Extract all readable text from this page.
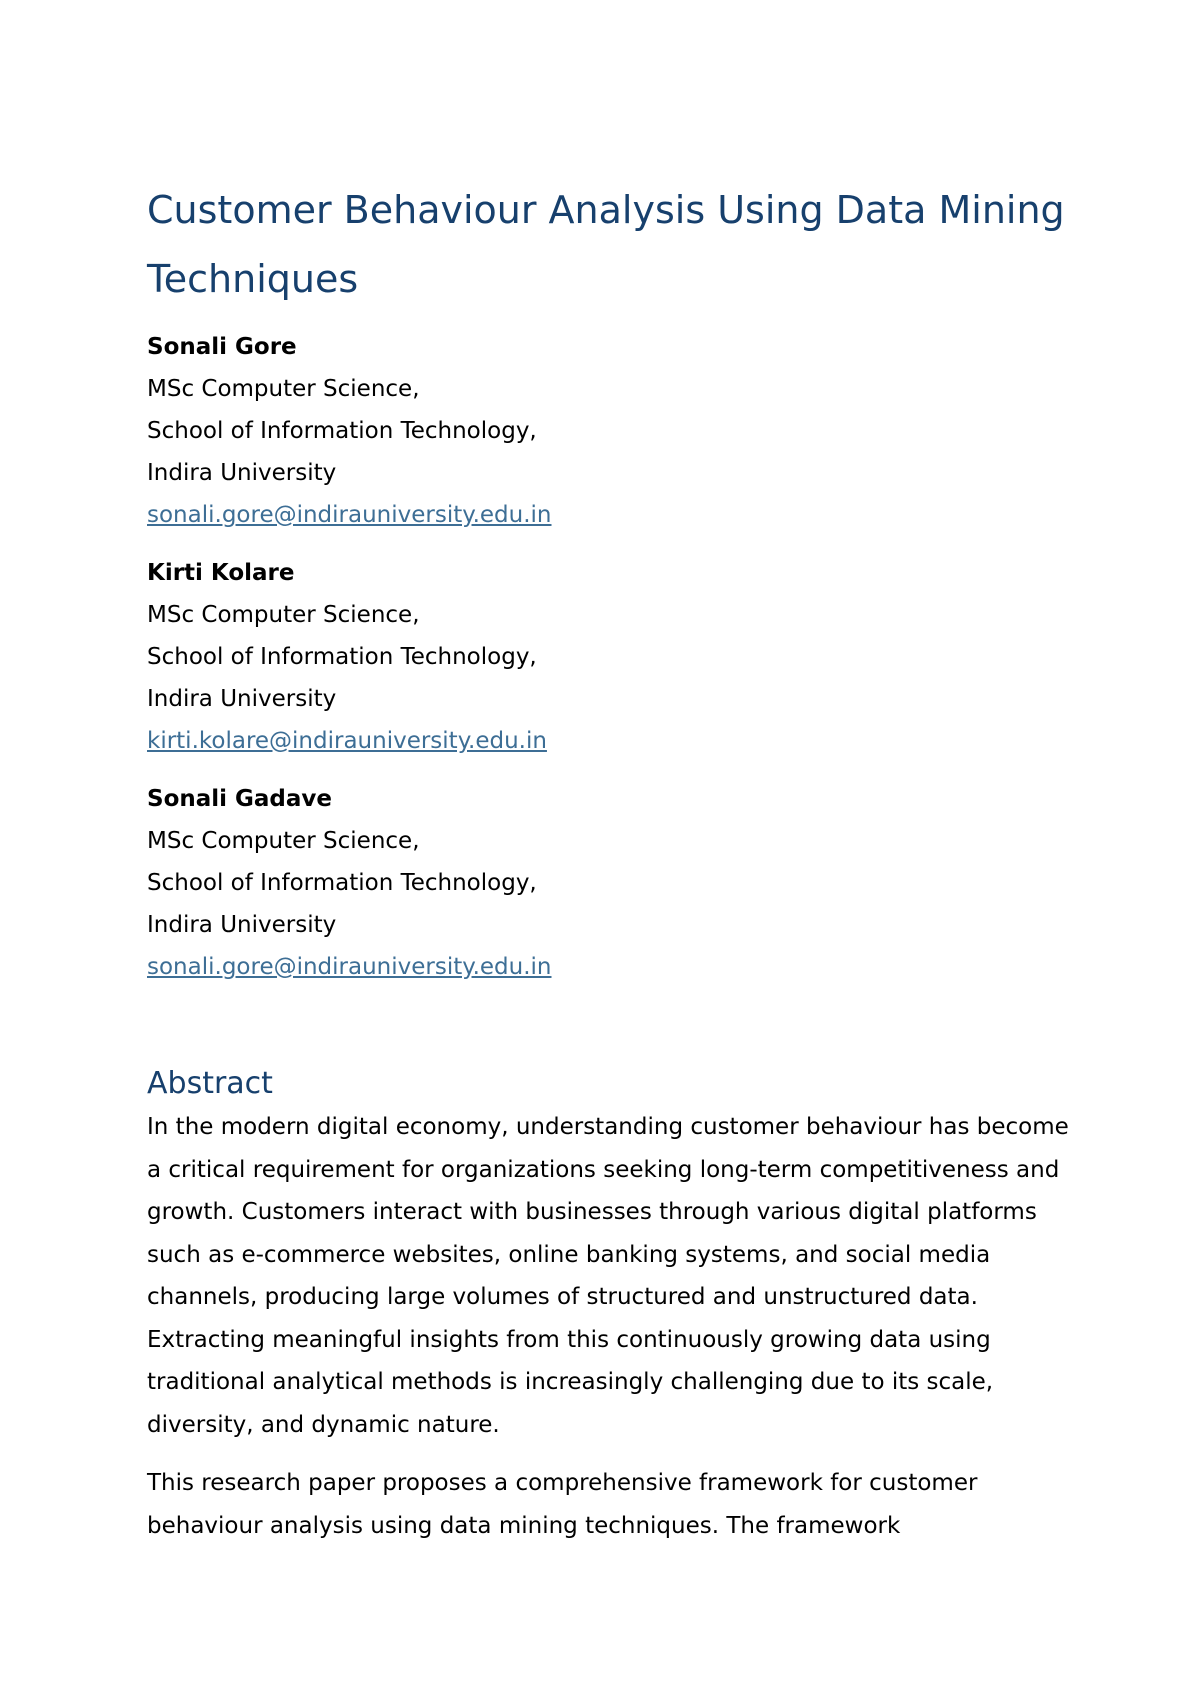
Customer Behaviour Analysis Using Data Mining Techniques
Sonali Gore
MSc Computer Science,
School of Information Technology,
Indira University
sonali.gore@indirauniversity.edu.in
Kirti Kolare
MSc Computer Science,
School of Information Technology,
Indira University
kirti.kolare@indirauniversity.edu.in
Sonali Gadave
MSc Computer Science,
School of Information Technology,
Indira University
sonali.gore@indirauniversity.edu.in
Abstract

In the modern digital economy, understanding customer behaviour has become a critical requirement for organizations seeking long-term competitiveness and growth. Customers interact with businesses through various digital platforms such as e-commerce websites, online banking systems, and social media channels, producing large volumes of structured and unstructured data. Extracting meaningful insights from this continuously growing data using traditional analytical methods is increasingly challenging due to its scale, diversity, and dynamic nature.

This research paper proposes a comprehensive framework for customer behaviour analysis using data mining techniques. The framework
